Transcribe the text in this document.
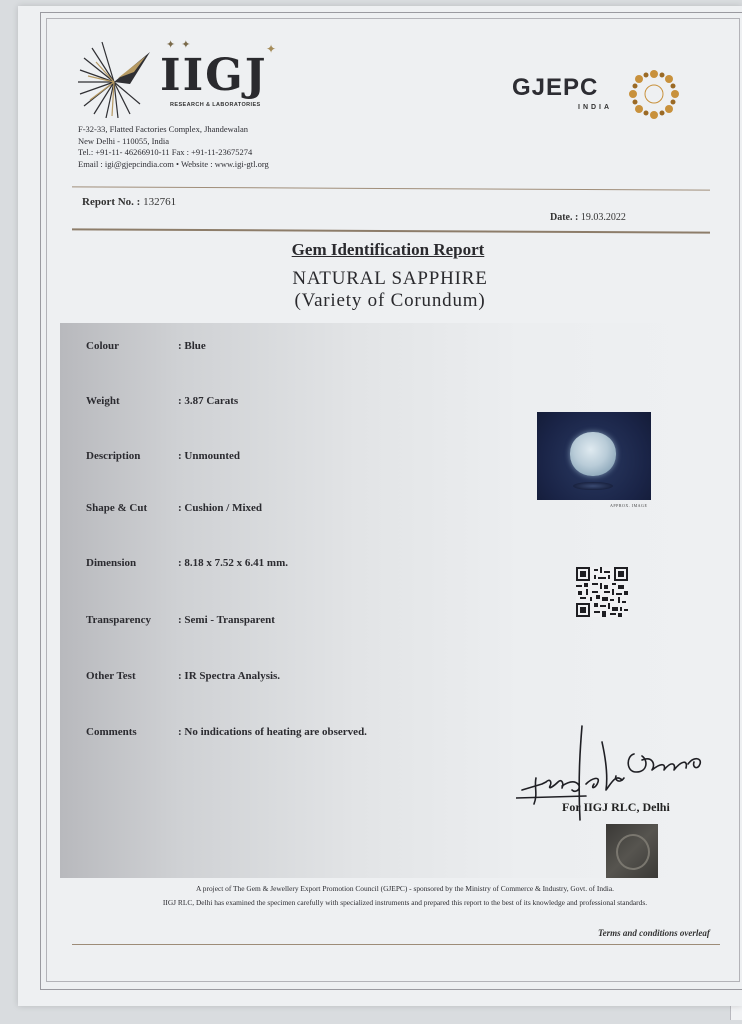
✦✦	✦
IIGJ
RESEARCH & LABORATORIES
GJEPC
INDIA
F-32-33, Flatted Factories Complex, Jhandewalan
New Delhi - 110055, India
Tel.: +91-11- 46266910-11 Fax : +91-11-23675274
Email : igi@gjepcindia.com • Website : www.igi-gtl.org
Report No. : 132761
Date. : 19.03.2022
Gem Identification Report
NATURAL SAPPHIRE
(Variety of Corundum)
Colour	: Blue
Weight	: 3.87 Carats
Description	: Unmounted
Shape & Cut	: Cushion / Mixed
Dimension	: 8.18 x 7.52 x 6.41 mm.
Transparency : Semi - Transparent
Other Test	: IR Spectra Analysis.
Comments	: No indications of heating are observed.
APPROX. IMAGE
For IIGJ RLC, Delhi
A project of The Gem & Jewellery Export Promotion Council (GJEPC) - sponsored by the Ministry of Commerce & Industry, Govt. of India.
IIGJ RLC, Delhi has examined the specimen carefully with specialized instruments and prepared this report to the best of its knowledge and professional standards.
Terms and conditions overleaf
